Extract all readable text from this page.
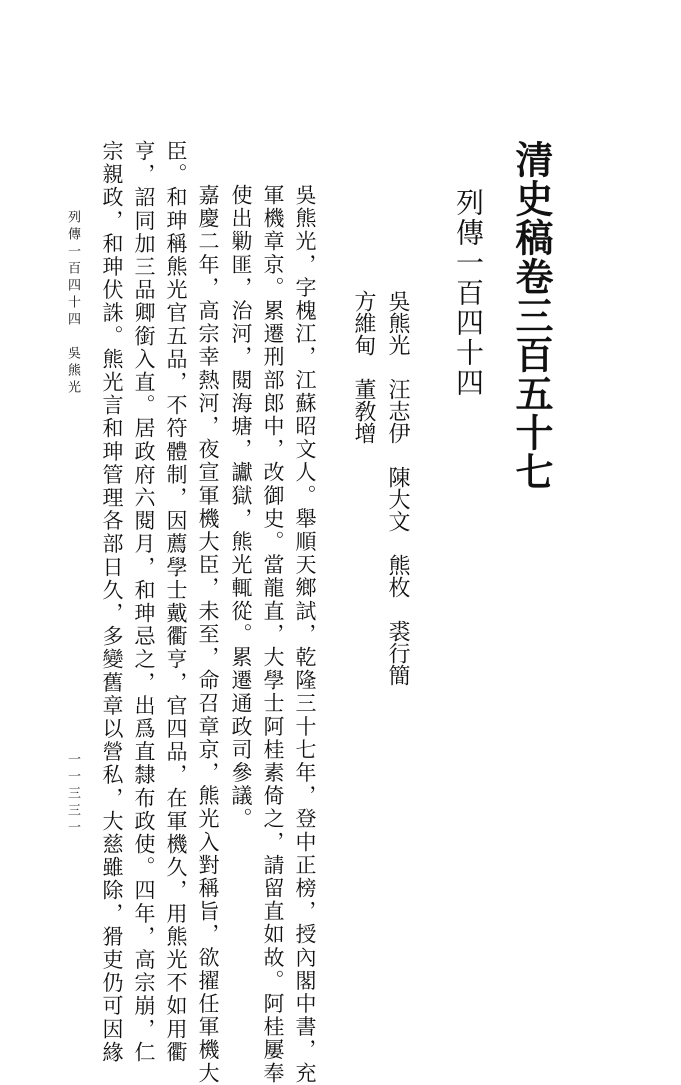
清史稿卷三百五十七
列傳一百四十四
吳熊光　汪志伊　陳大文　熊枚　裘行簡
方維甸　董敎增
吳熊光，字槐江，江蘇昭文人。舉順天鄉試，乾隆三十七年，登中正榜，授內閣中書，充
軍機章京。累遷刑部郎中，改御史。當龍直，大學士阿桂素倚之，請留直如故。阿桂屢奉
使出勦匪，治河，閱海塘，讞獄，熊光輒從。累遷通政司參議。
嘉慶二年，高宗幸熱河，夜宣軍機大臣，未至，命召章京，熊光入對稱旨，欲擢任軍機大
臣。和珅稱熊光官五品，不符體制，因薦學士戴衢亨，官四品，在軍機久，用熊光不如用衢
亨，詔同加三品卿銜入直。居政府六閱月，和珅忌之，出爲直隸布政使。四年，高宗崩，仁
宗親政，和珅伏誅。熊光言和珅管理各部日久，多變舊章以營私，大慈雖除，猾吏仍可因緣
列傳一百四十四　吳熊光
一一三三一
